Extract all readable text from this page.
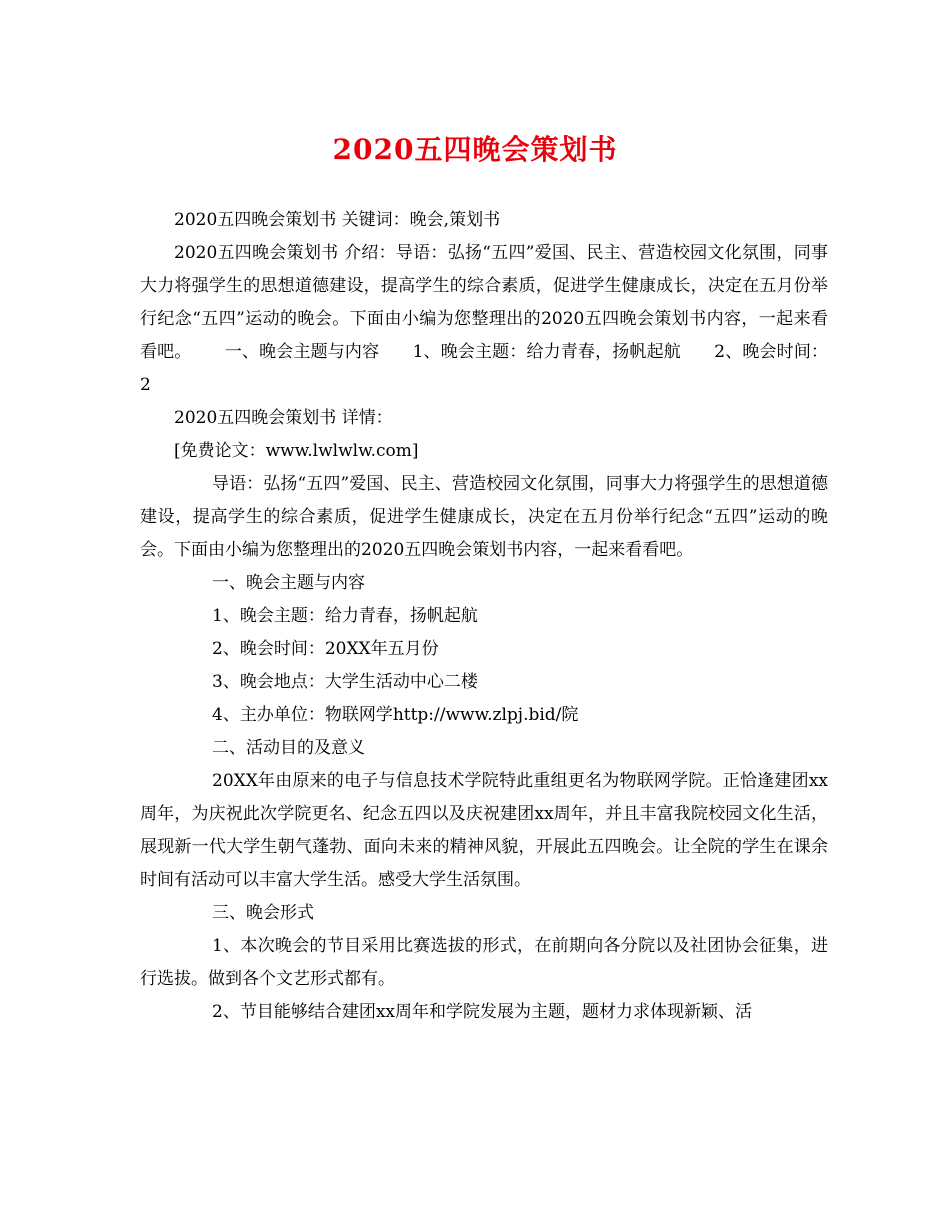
2020五四晚会策划书

2020五四晚会策划书 关键词：晚会,策划书

2020五四晚会策划书 介绍：导语：弘扬“五四”爱国、民主、营造校园文化氛围，同事大力将强学生的思想道德建设，提高学生的综合素质，促进学生健康成长，决定在五月份举行纪念“五四”运动的晚会。下面由小编为您整理出的2020五四晚会策划书内容，一起来看看吧。      一、晚会主题与内容      1、晚会主题：给力青春，扬帆起航      2、晚会时间：2

2020五四晚会策划书 详情：

[免费论文：www.lwlwlw.com]

导语：弘扬“五四”爱国、民主、营造校园文化氛围，同事大力将强学生的思想道德建设，提高学生的综合素质，促进学生健康成长，决定在五月份举行纪念“五四”运动的晚会。下面由小编为您整理出的2020五四晚会策划书内容，一起来看看吧。

一、晚会主题与内容

1、晚会主题：给力青春，扬帆起航

2、晚会时间：20XX年五月份

3、晚会地点：大学生活动中心二楼

4、主办单位：物联网学http://www.zlpj.bid/院

二、活动目的及意义

20XX年由原来的电子与信息技术学院特此重组更名为物联网学院。正恰逢建团xx周年，为庆祝此次学院更名、纪念五四以及庆祝建团xx周年，并且丰富我院校园文化生活，展现新一代大学生朝气蓬勃、面向未来的精神风貌，开展此五四晚会。让全院的学生在课余时间有活动可以丰富大学生活。感受大学生活氛围。

三、晚会形式

1、本次晚会的节目采用比赛选拔的形式，在前期向各分院以及社团协会征集，进行选拔。做到各个文艺形式都有。

2、节目能够结合建团xx周年和学院发展为主题，题材力求体现新颖、活
